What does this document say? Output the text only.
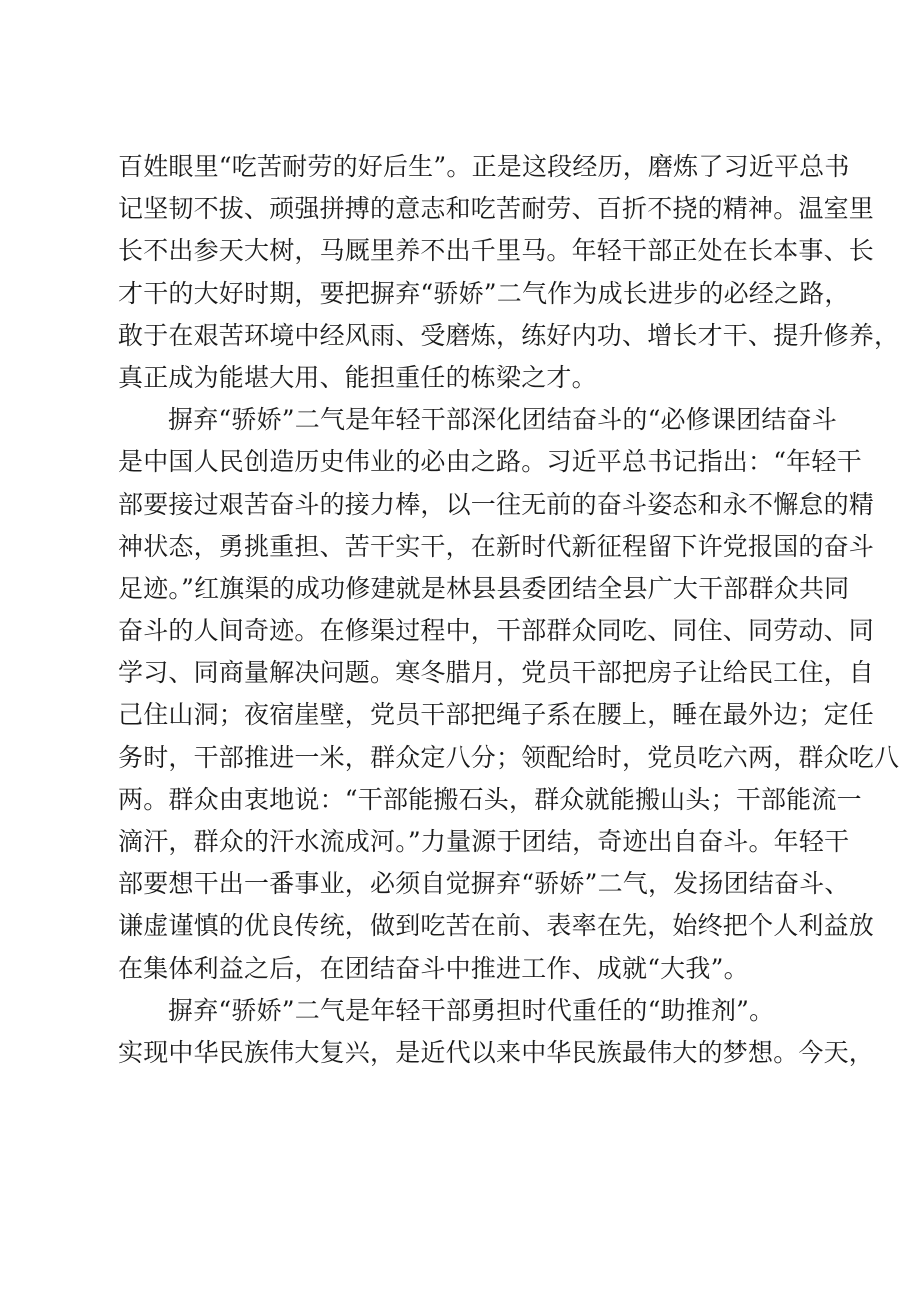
百姓眼里“吃苦耐劳的好后生”。正是这段经历，磨炼了习近平总书
记坚韧不拔、顽强拼搏的意志和吃苦耐劳、百折不挠的精神。温室里
长不出参天大树，马厩里养不出千里马。年轻干部正处在长本事、长
才干的大好时期，要把摒弃“骄娇”二气作为成长进步的必经之路，
敢于在艰苦环境中经风雨、受磨炼，练好内功、增长才干、提升修养，
真正成为能堪大用、能担重任的栋梁之才。
摒弃“骄娇”二气是年轻干部深化团结奋斗的“必修课团结奋斗
是中国人民创造历史伟业的必由之路。习近平总书记指出：“年轻干
部要接过艰苦奋斗的接力棒，以一往无前的奋斗姿态和永不懈怠的精
神状态，勇挑重担、苦干实干，在新时代新征程留下许党报国的奋斗
足迹。”红旗渠的成功修建就是林县县委团结全县广大干部群众共同
奋斗的人间奇迹。在修渠过程中，干部群众同吃、同住、同劳动、同
学习、同商量解决问题。寒冬腊月，党员干部把房子让给民工住，自
己住山洞；夜宿崖壁，党员干部把绳子系在腰上，睡在最外边；定任
务时，干部推进一米，群众定八分；领配给时，党员吃六两，群众吃八
两。群众由衷地说：“干部能搬石头，群众就能搬山头；干部能流一
滴汗，群众的汗水流成河。”力量源于团结，奇迹出自奋斗。年轻干
部要想干出一番事业，必须自觉摒弃“骄娇”二气，发扬团结奋斗、
谦虚谨慎的优良传统，做到吃苦在前、表率在先，始终把个人利益放
在集体利益之后，在团结奋斗中推进工作、成就“大我”。
摒弃“骄娇”二气是年轻干部勇担时代重任的“助推剂”。
实现中华民族伟大复兴，是近代以来中华民族最伟大的梦想。今天，
